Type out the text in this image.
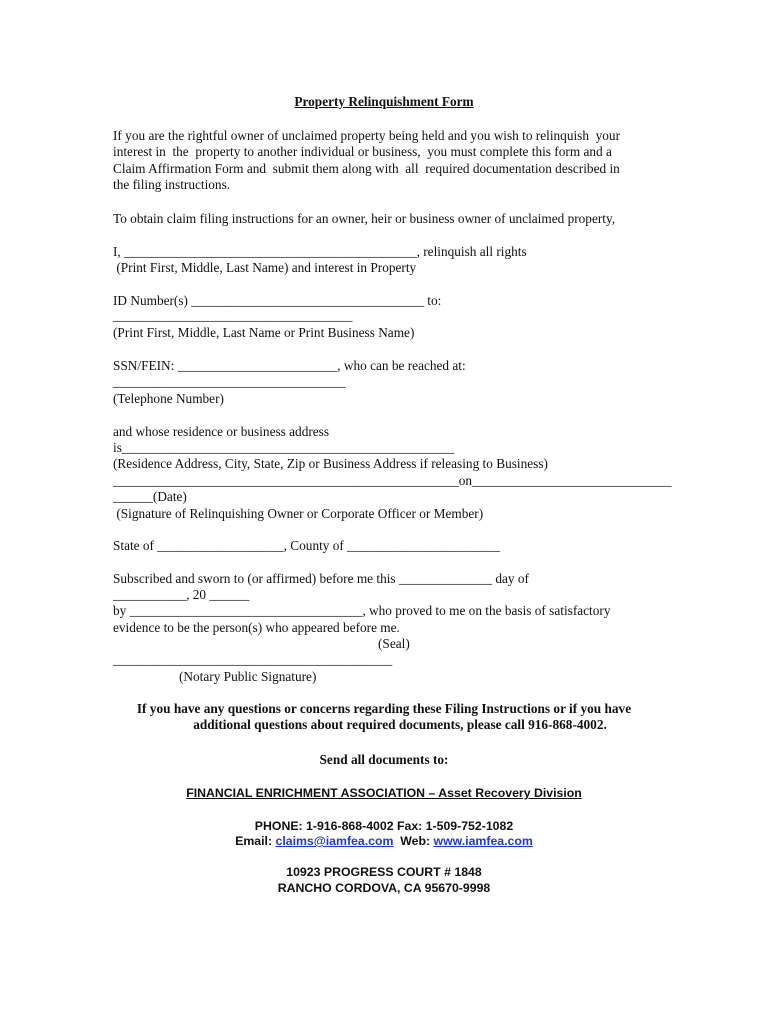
Property Relinquishment Form
If you are the rightful owner of unclaimed property being held and you wish to relinquish  your
interest in  the  property to another individual or business,  you must complete this form and a
Claim Affirmation Form and  submit them along with  all  required documentation described in
the filing instructions.
To obtain claim filing instructions for an owner, heir or business owner of unclaimed property,
I, ____________________________________________, relinquish all rights
(Print First, Middle, Last Name) and interest in Property
ID Number(s) ___________________________________ to:
____________________________________
(Print First, Middle, Last Name or Print Business Name)
SSN/FEIN: ________________________, who can be reached at:
___________________________________
(Telephone Number)
and whose residence or business address
is__________________________________________________
(Residence Address, City, State, Zip or Business Address if releasing to Business)
____________________________________________________on______________________________
______(Date)
(Signature of Relinquishing Owner or Corporate Officer or Member)
State of ___________________, County of _______________________
Subscribed and sworn to (or affirmed) before me this ______________ day of
___________, 20 ______
by ___________________________________, who proved to me on the basis of satisfactory
evidence to be the person(s) who appeared before me.
(Seal)
__________________________________________
(Notary Public Signature)
If you have any questions or concerns regarding these Filing Instructions or if you have
additional questions about required documents, please call 916-868-4002.
Send all documents to:
FINANCIAL ENRICHMENT ASSOCIATION – Asset Recovery Division
PHONE: 1-916-868-4002 Fax: 1-509-752-1082
Email: claims@iamfea.com  Web: www.iamfea.com
10923 PROGRESS COURT # 1848
RANCHO CORDOVA, CA 95670-9998
